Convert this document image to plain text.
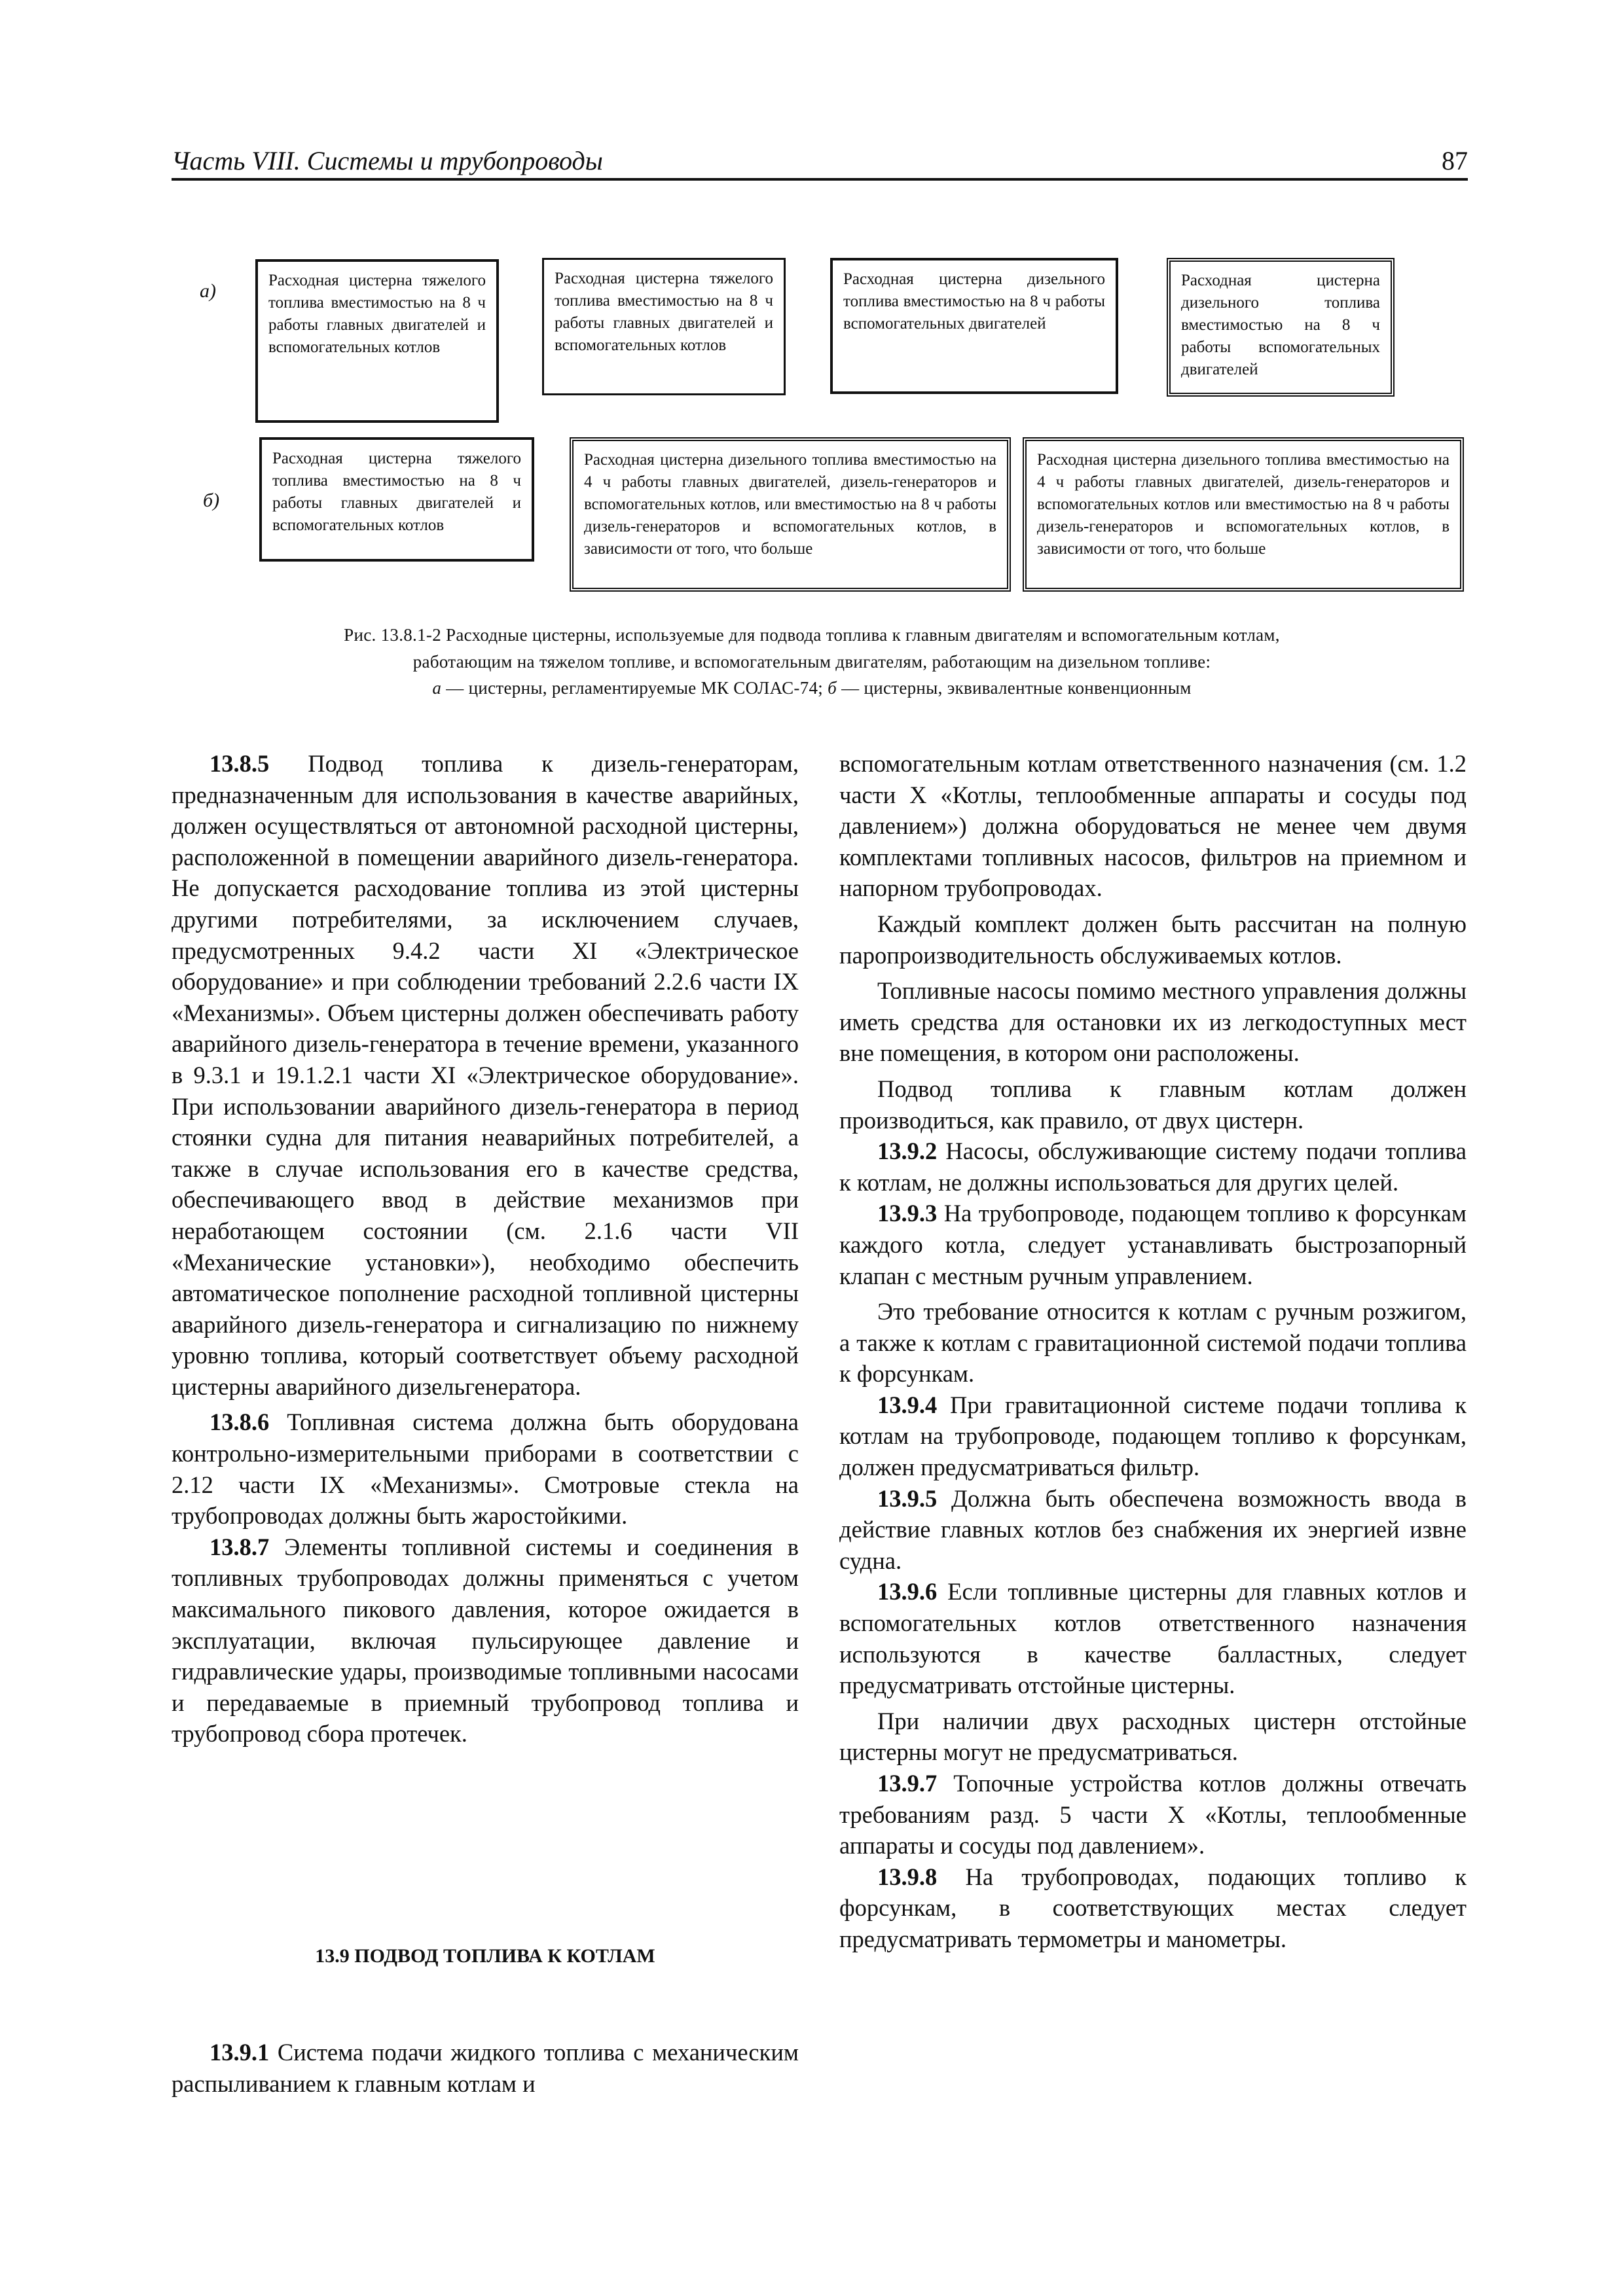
Часть VIII. Системы и трубопроводы	87
а)	Расходная цистерна тяжелого топлива вместимостью на 8 ч работы главных двигателей и вспомогательных котлов
Расходная цистерна тяжелого топлива вместимостью на 8 ч работы главных двигателей и вспомогательных котлов
Расходная цистерна дизельного топлива вместимостью на 8 ч работы вспомогательных двигателей
Расходная цистерна дизельного топлива вместимостью на 8 ч работы вспомогательных двигателей
б)
Расходная цистерна тяжелого топлива вместимостью на 8 ч работы главных двигателей и вспомогательных котлов
Расходная цистерна дизельного топлива вместимостью на 4 ч работы главных двигателей, дизель-генераторов и вспомогательных котлов, или вместимостью на 8 ч работы дизель-генераторов и вспомогательных котлов, в зависимости от того, что больше
Расходная цистерна дизельного топлива вместимостью на 4 ч работы главных двигателей, дизель-генераторов и вспомогательных котлов или вместимостью на 8 ч работы дизель-генераторов и вспомогательных котлов, в зависимости от того, что больше
Рис. 13.8.1-2 Расходные цистерны, используемые для подвода топлива к главным двигателям и вспомогательным котлам,
работающим на тяжелом топливе, и вспомогательным двигателям, работающим на дизельном топливе:
а — цистерны, регламентируемые МК СОЛАС-74; б — цистерны, эквивалентные конвенционным

13.8.5 Подвод топлива к дизель-генераторам, предназначенным для использования в качестве аварийных, должен осуществляться от автономной расходной цистерны, расположенной в помещении аварийного дизель-генератора. Не допускается расходование топлива из этой цистерны другими потребителями, за исключением случаев, предусмотренных 9.4.2 части XI «Электрическое оборудование» и при соблюдении требований 2.2.6 части IX «Механизмы». Объем цистерны должен обеспечивать работу аварийного дизель-генератора в течение времени, указанного в 9.3.1 и 19.1.2.1 части XI «Электрическое оборудование». При использовании аварийного дизель-генератора в период стоянки судна для питания неаварийных потребителей, а также в случае использования его в качестве средства, обеспечивающего ввод в действие механизмов при неработающем состоянии (см. 2.1.6 части VII «Механические установки»), необходимо обеспечить автоматическое пополнение расходной топливной цистерны аварийного дизель-генератора и сигнализацию по нижнему уровню топлива, который соответствует объему расходной цистерны аварийного дизельгенератора.

13.8.6 Топливная система должна быть оборудована контрольно-измерительными приборами в соответствии с 2.12 части IX «Механизмы». Смотровые стекла на трубопроводах должны быть жаростойкими.

13.8.7 Элементы топливной системы и соединения в топливных трубопроводах должны применяться с учетом максимального пикового давления, которое ожидается в эксплуатации, включая пульсирующее давление и гидравлические удары, производимые топливными насосами и передаваемые в приемный трубопровод топлива и трубопровод сбора протечек.

13.9 ПОДВОД ТОПЛИВА К КОТЛАМ

13.9.1 Система подачи жидкого топлива с механическим распыливанием к главным котлам и

вспомогательным котлам ответственного назначения (см. 1.2 части X «Котлы, теплообменные аппараты и сосуды под давлением») должна оборудоваться не менее чем двумя комплектами топливных насосов, фильтров на приемном и напорном трубопроводах.

Каждый комплект должен быть рассчитан на полную паропроизводительность обслуживаемых котлов.

Топливные насосы помимо местного управления должны иметь средства для остановки их из легкодоступных мест вне помещения, в котором они расположены.

Подвод топлива к главным котлам должен производиться, как правило, от двух цистерн.

13.9.2 Насосы, обслуживающие систему подачи топлива к котлам, не должны использоваться для других целей.

13.9.3 На трубопроводе, подающем топливо к форсункам каждого котла, следует устанавливать быстрозапорный клапан с местным ручным управлением.

Это требование относится к котлам с ручным розжигом, а также к котлам с гравитационной системой подачи топлива к форсункам.

13.9.4 При гравитационной системе подачи топлива к котлам на трубопроводе, подающем топливо к форсункам, должен предусматриваться фильтр.

13.9.5 Должна быть обеспечена возможность ввода в действие главных котлов без снабжения их энергией извне судна.

13.9.6 Если топливные цистерны для главных котлов и вспомогательных котлов ответственного назначения используются в качестве балластных, следует предусматривать отстойные цистерны.

При наличии двух расходных цистерн отстойные цистерны могут не предусматриваться.

13.9.7 Топочные устройства котлов должны отвечать требованиям разд. 5 части X «Котлы, теплообменные аппараты и сосуды под давлением».

13.9.8 На трубопроводах, подающих топливо к форсункам, в соответствующих местах следует предусматривать термометры и манометры.
